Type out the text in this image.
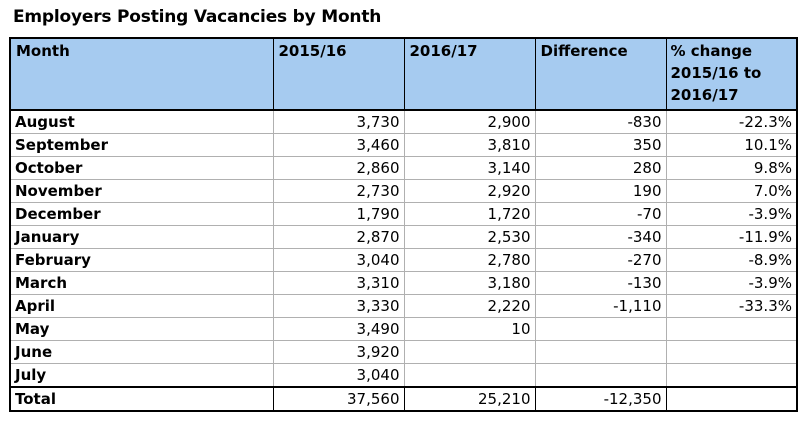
Employers Posting Vacancies by Month
Month	2015/16	2016/17	Difference	% change 2015/16 to 2016/17
August	3,730	2,900	-830	-22.3%
September	3,460	3,810	350	10.1%
October	2,860	3,140	280	9.8%
November	2,730	2,920	190	7.0%
December	1,790	1,720	-70	-3.9%
January	2,870	2,530	-340	-11.9%
February	3,040	2,780	-270	-8.9%
March	3,310	3,180	-130	-3.9%
April	3,330	2,220	-1,110	-33.3%
May	3,490	10		
June	3,920			
July	3,040			
Total	37,560	25,210	-12,350	
